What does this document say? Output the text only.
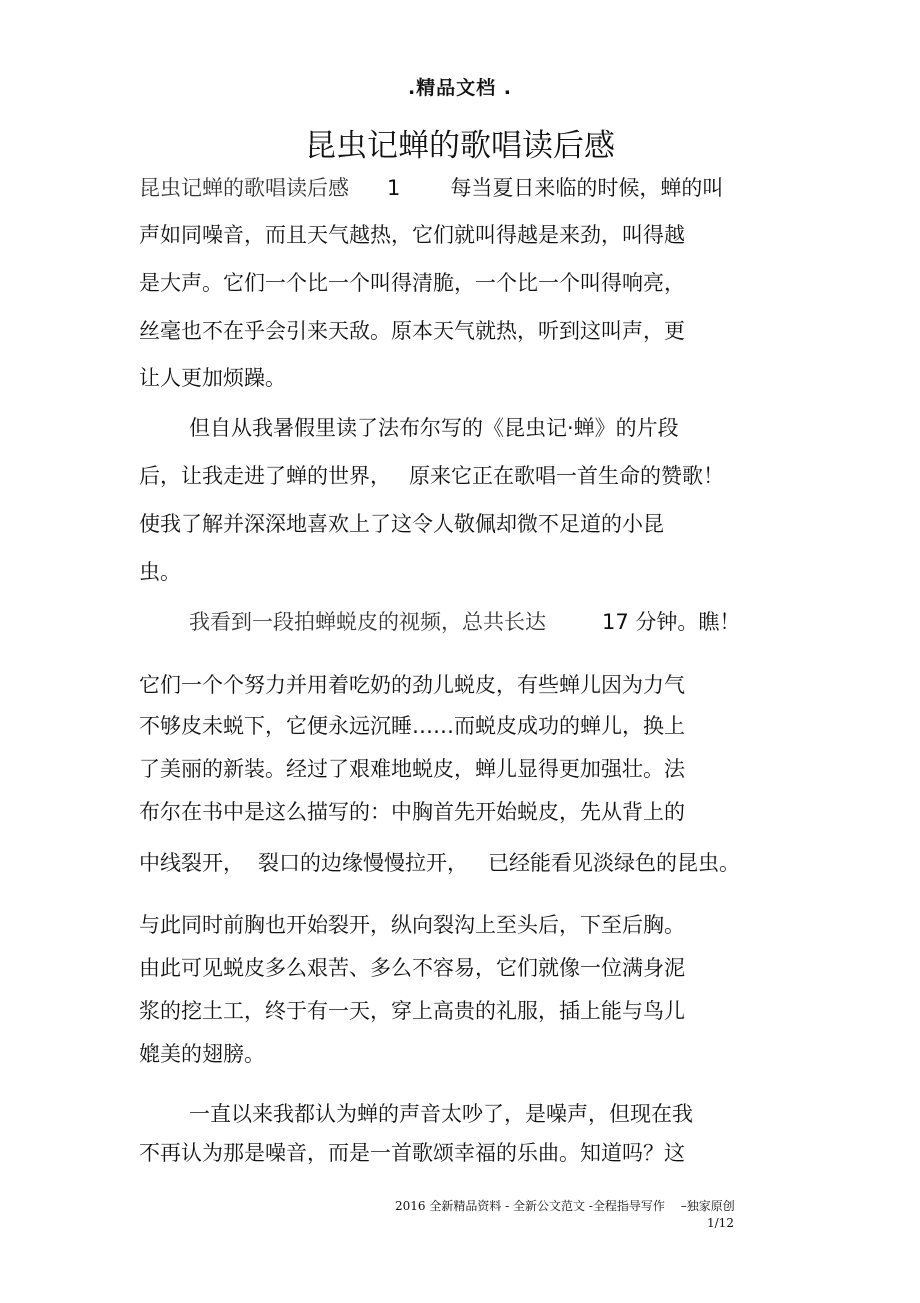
.精品文档 .
昆虫记蝉的歌唱读后感
昆虫记蝉的歌唱读后感 1 每当夏日来临的时候，蝉的叫
声如同噪音，而且天气越热，它们就叫得越是来劲，叫得越
是大声。它们一个比一个叫得清脆，一个比一个叫得响亮，
丝毫也不在乎会引来天敌。原本天气就热，听到这叫声，更
让人更加烦躁。
但自从我暑假里读了法布尔写的《昆虫记·蝉》的片段
后，让我走进了蝉的世界， 原来它正在歌唱一首生命的赞歌！
使我了解并深深地喜欢上了这令人敬佩却微不足道的小昆
虫。
我看到一段拍蝉蜕皮的视频，总共长达	17 分钟。瞧！
它们一个个努力并用着吃奶的劲儿蜕皮，有些蝉儿因为力气
不够皮未蜕下，它便永远沉睡……而蜕皮成功的蝉儿，换上
了美丽的新装。经过了艰难地蜕皮，蝉儿显得更加强壮。法
布尔在书中是这么描写的：中胸首先开始蜕皮，先从背上的
中线裂开， 裂口的边缘慢慢拉开， 已经能看见淡绿色的昆虫。
与此同时前胸也开始裂开，纵向裂沟上至头后，下至后胸。
由此可见蜕皮多么艰苦、多么不容易，它们就像一位满身泥
浆的挖土工，终于有一天，穿上高贵的礼服，插上能与鸟儿
媲美的翅膀。
一直以来我都认为蝉的声音太吵了，是噪声，但现在我
不再认为那是噪音，而是一首歌颂幸福的乐曲。知道吗？这
2016 全新精品资料 - 全新公文范文 -全程指导写作　 –独家原创
1/12
